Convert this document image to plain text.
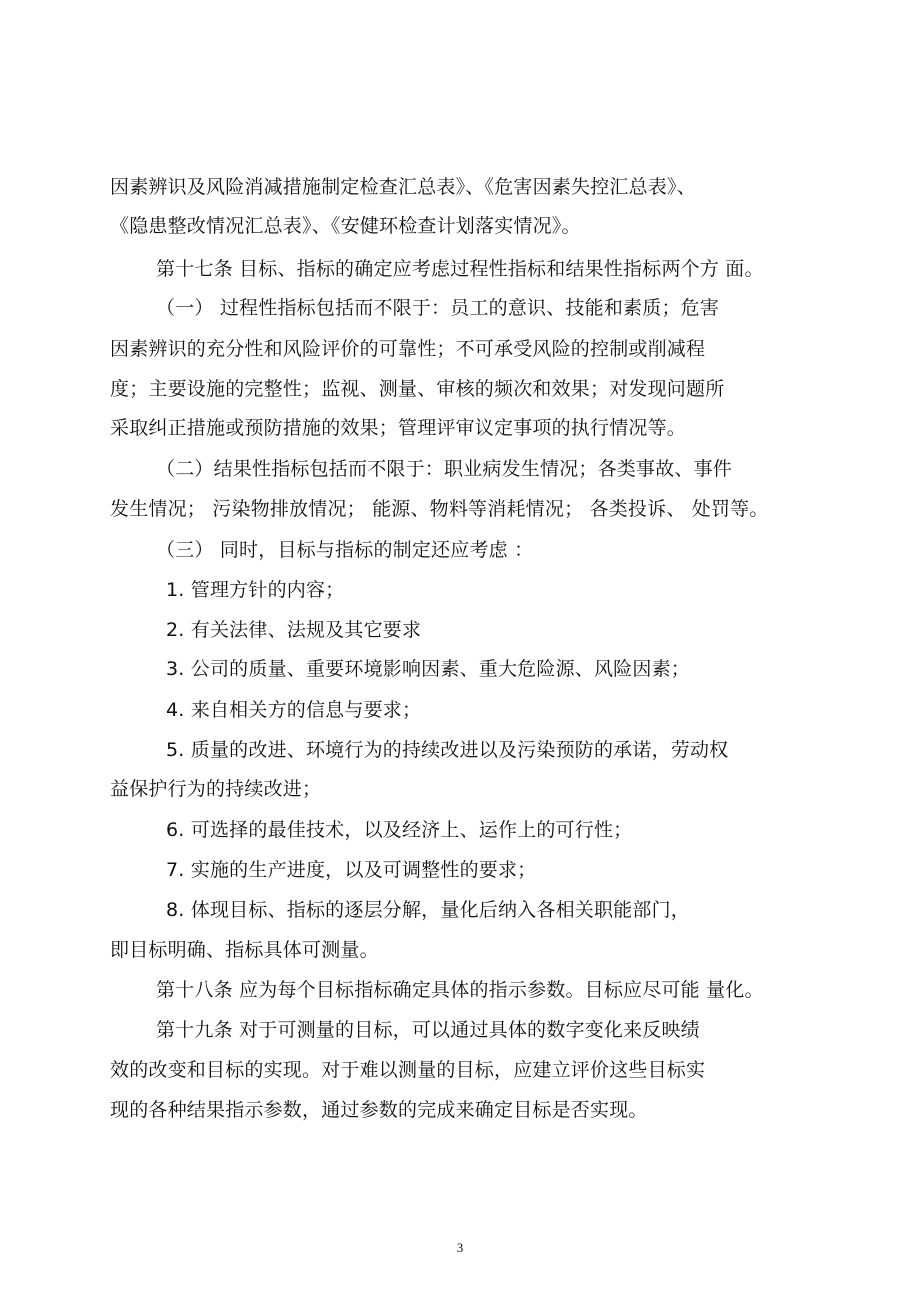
因素辨识及风险消减措施制定检查汇总表》、《危害因素失控汇总表》、
《隐患整改情况汇总表》、《安健环检查计划落实情况》。
第十七条 目标、指标的确定应考虑过程性指标和结果性指标两个方 面。
（一） 过程性指标包括而不限于：员工的意识、技能和素质；危害
因素辨识的充分性和风险评价的可靠性；不可承受风险的控制或削减程
度；主要设施的完整性；监视、测量、审核的频次和效果；对发现问题所
采取纠正措施或预防措施的效果；管理评审议定事项的执行情况等。
（二）结果性指标包括而不限于：职业病发生情况；各类事故、事件
发生情况； 污染物排放情况； 能源、物料等消耗情况； 各类投诉、 处罚等。
（三） 同时，目标与指标的制定还应考虑 ：
1. 管理方针的内容；
2. 有关法律、法规及其它要求
3. 公司的质量、重要环境影响因素、重大危险源、风险因素；
4. 来自相关方的信息与要求；
5. 质量的改进、环境行为的持续改进以及污染预防的承诺，劳动权
益保护行为的持续改进；
6. 可选择的最佳技术，以及经济上、运作上的可行性；
7. 实施的生产进度，以及可调整性的要求；
8. 体现目标、指标的逐层分解，量化后纳入各相关职能部门，
即目标明确、指标具体可测量。
第十八条 应为每个目标指标确定具体的指示参数。目标应尽可能 量化。
第十九条 对于可测量的目标，可以通过具体的数字变化来反映绩
效的改变和目标的实现。对于难以测量的目标，应建立评价这些目标实
现的各种结果指示参数，通过参数的完成来确定目标是否实现。
3
